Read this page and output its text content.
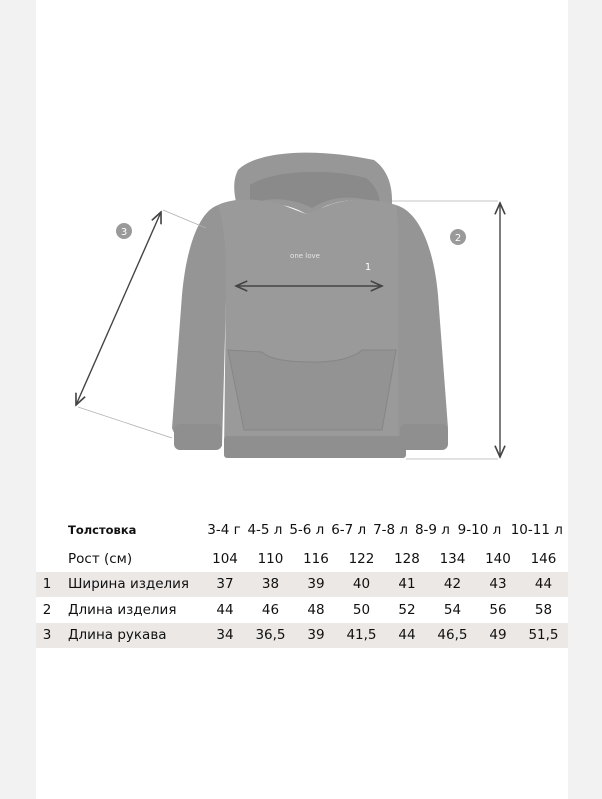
one love
1
2
3
	Толстовка	3-4 г	4-5 л	5-6 л	6-7 л	7-8 л	8-9 л	9-10 л	10-11 л

	Рост (см)	104	110	116	122	128	134	140	146
1	Ширина изделия	37	38	39	40	41	42	43	44
2	Длина изделия	44	46	48	50	52	54	56	58
3	Длина рукава	34	36,5	39	41,5	44	46,5	49	51,5
